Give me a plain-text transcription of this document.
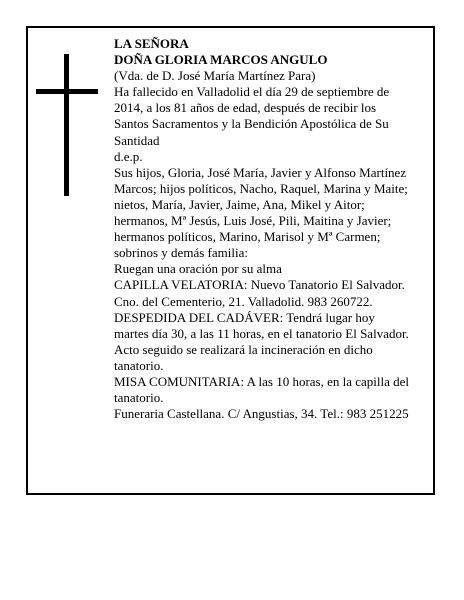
LA SEÑORA

DOÑA GLORIA MARCOS ANGULO

(Vda. de D. José María Martínez Para)

Ha fallecido en Valladolid el día 29 de septiembre de 2014, a los 81 años de edad, después de recibir los Santos Sacramentos y la Bendición Apostólica de Su Santidad

d.e.p.

Sus hijos, Gloria, José María, Javier y Alfonso Martínez Marcos; hijos políticos, Nacho, Raquel, Marina y Maite; nietos, María, Javier, Jaime, Ana, Mikel y Aitor; hermanos, Mª Jesús, Luis José, Pili, Maitina y Javier; hermanos políticos, Marino, Marisol y Mª Carmen; sobrinos y demás familia:

Ruegan una oración por su alma

CAPILLA VELATORIA: Nuevo Tanatorio El Salvador. Cno. del Cementerio, 21. Valladolid. 983 260722.

DESPEDIDA DEL CADÁVER: Tendrá lugar hoy martes día 30, a las 11 horas, en el tanatorio El Salvador. Acto seguido se realizará la incineración en dicho tanatorio.

MISA COMUNITARIA: A las 10 horas, en la capilla del tanatorio.

Funeraria Castellana. C/ Angustias, 34. Tel.: 983 251225
